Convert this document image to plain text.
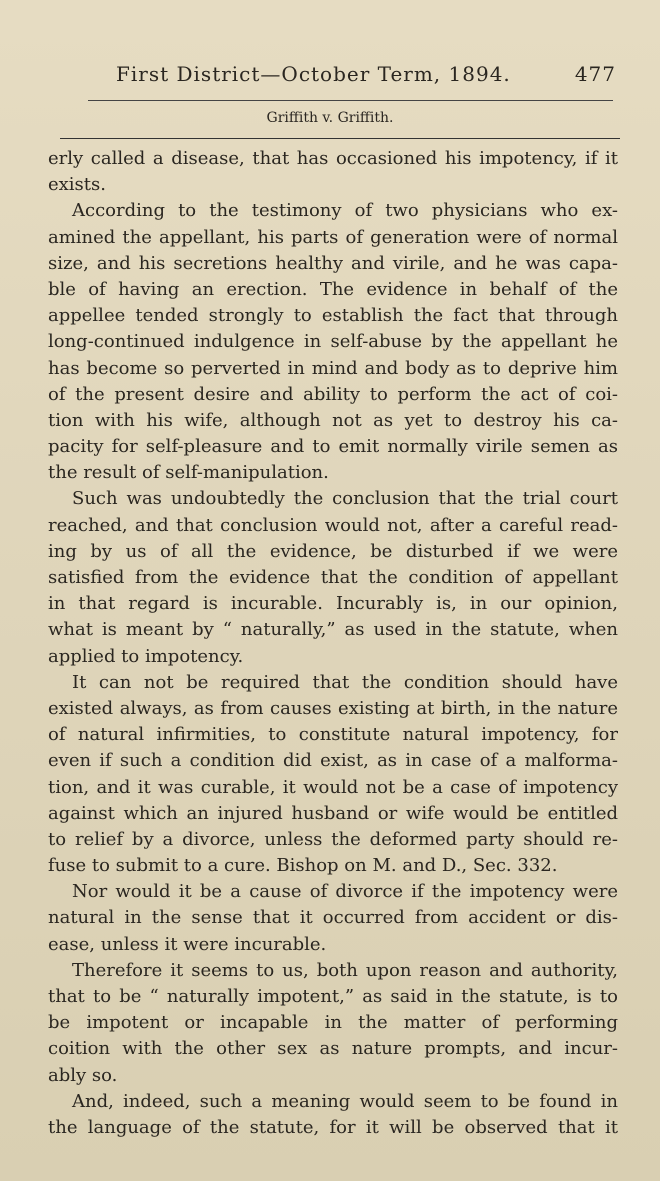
First District—October Term, 1894.	477
Griffith v. Griffith.
erly called a disease, that has occasioned his impotency, if it
exists.
According to the testimony of two physicians who ex-
amined the appellant, his parts of generation were of normal
size, and his secretions healthy and virile, and he was capa-
ble of having an erection. The evidence in behalf of the
appellee tended strongly to establish the fact that through
long-continued indulgence in self-abuse by the appellant he
has become so perverted in mind and body as to deprive him
of the present desire and ability to perform the act of coi-
tion with his wife, although not as yet to destroy his ca-
pacity for self-pleasure and to emit normally virile semen as
the result of self-manipulation.
Such was undoubtedly the conclusion that the trial court
reached, and that conclusion would not, after a careful read-
ing by us of all the evidence, be disturbed if we were
satisfied from the evidence that the condition of appellant
in that regard is incurable. Incurably is, in our opinion,
what is meant by “ naturally,” as used in the statute, when
applied to impotency.
It can not be required that the condition should have
existed always, as from causes existing at birth, in the nature
of natural infirmities, to constitute natural impotency, for
even if such a condition did exist, as in case of a malforma-
tion, and it was curable, it would not be a case of impotency
against which an injured husband or wife would be entitled
to relief by a divorce, unless the deformed party should re-
fuse to submit to a cure. Bishop on M. and D., Sec. 332.
Nor would it be a cause of divorce if the impotency were
natural in the sense that it occurred from accident or dis-
ease, unless it were incurable.
Therefore it seems to us, both upon reason and authority,
that to be “ naturally impotent,” as said in the statute, is to
be impotent or incapable in the matter of performing
coition with the other sex as nature prompts, and incur-
ably so.
And, indeed, such a meaning would seem to be found in
the language of the statute, for it will be observed that it
